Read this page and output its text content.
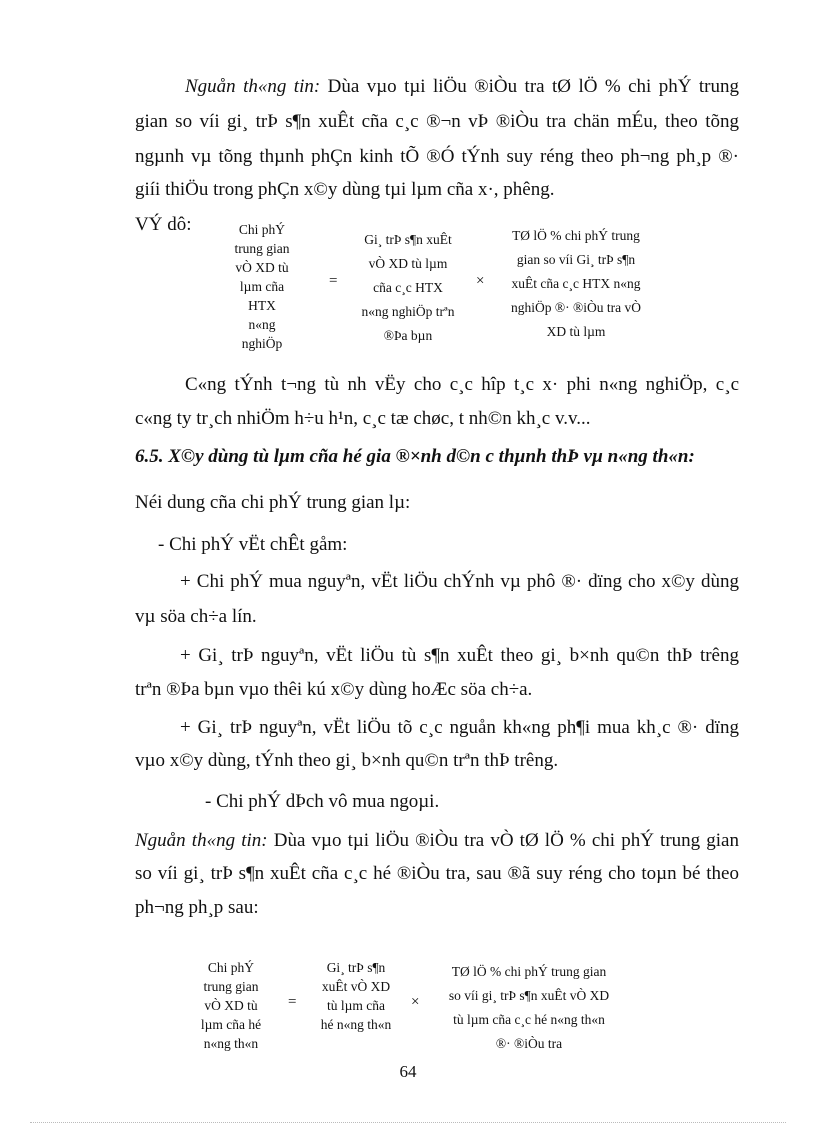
Nguån th«ng tin: Dùa vµo tµi liÖu ®iÒu tra tØ lÖ % chi phÝ trung
gian so víi gi¸ trÞ s¶n xuÊt cña c¸c ®¬n vÞ ®iÒu tra chän mÉu, theo tõng
ngµnh vµ tõng thµnh phÇn kinh tÕ ®Ó tÝnh suy réng theo ph¬ng ph¸p ®·
giíi thiÖu trong phÇn x©y dùng tµi lµm cña x·, phêng.
VÝ dô:	Chi phÝ
trung gian
vÒ XD tù
lµm cña
HTX
n«ng
nghiÖp
=
Gi¸ trÞ s¶n xuÊt
vÒ XD tù lµm
cña c¸c HTX
n«ng nghiÖp trªn
®Þa bµn
×
TØ lÖ % chi phÝ trung
gian so víi Gi¸ trÞ s¶n
xuÊt cña c¸c HTX n«ng
nghiÖp ®· ®iÒu tra vÒ
XD tù lµm
C«ng tÝnh t¬ng tù nh vËy cho c¸c hîp t¸c x· phi n«ng nghiÖp, c¸c
c«ng ty tr¸ch nhiÖm h÷u h¹n, c¸c tæ chøc, t nh©n kh¸c v.v...
6.5. X©y dùng tù lµm cña hé gia ®×nh d©n c thµnh thÞ vµ n«ng th«n:
Néi dung cña chi phÝ trung gian lµ:
- Chi phÝ vËt chÊt gåm:
+ Chi phÝ mua nguyªn, vËt liÖu chÝnh vµ phô ®· dïng cho x©y dùng
vµ söa ch÷a lín.
+ Gi¸ trÞ nguyªn, vËt liÖu tù s¶n xuÊt theo gi¸ b×nh qu©n thÞ trêng
trªn ®Þa bµn vµo thêi kú x©y dùng hoÆc söa ch÷a.
+ Gi¸ trÞ nguyªn, vËt liÖu tõ c¸c nguån kh«ng ph¶i mua kh¸c ®· dïng
vµo x©y dùng, tÝnh theo gi¸ b×nh qu©n trªn thÞ trêng.
- Chi phÝ dÞch vô mua ngoµi.
Nguån th«ng tin: Dùa vµo tµi liÖu ®iÒu tra vÒ tØ lÖ % chi phÝ trung gian
so víi gi¸ trÞ s¶n xuÊt cña c¸c hé ®iÒu tra, sau ®ã suy réng cho toµn bé theo
ph¬ng ph¸p sau:
Chi phÝ
trung gian
vÒ XD tù
lµm cña hé
n«ng th«n
=
Gi¸ trÞ s¶n
xuÊt vÒ XD
tù lµm cña
hé n«ng th«n
×
TØ lÖ % chi phÝ trung gian
so víi gi¸ trÞ s¶n xuÊt vÒ XD
tù lµm cña c¸c hé n«ng th«n
®· ®iÒu tra
64
